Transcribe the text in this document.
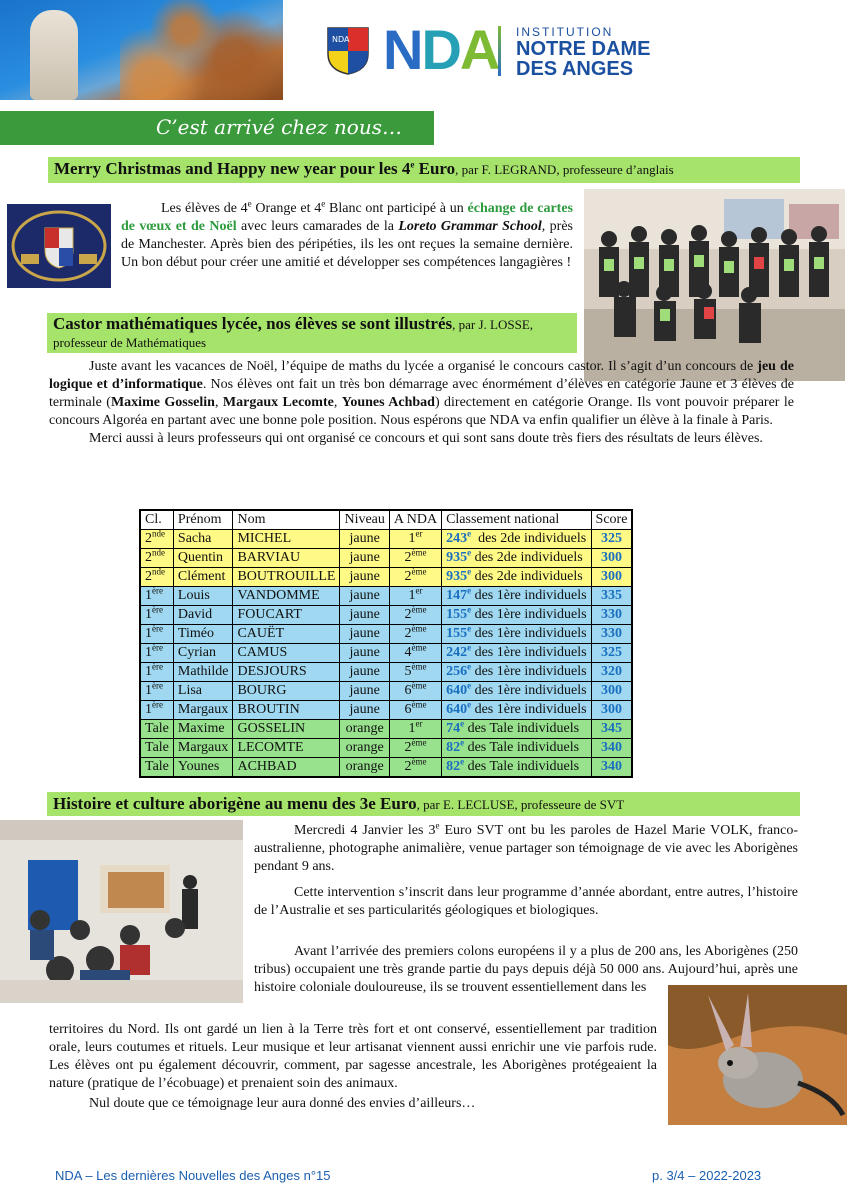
NDA NDA INSTITUTION
NOTRE DAME
DES ANGES
C’est arrivé chez nous…
Merry Christmas and Happy new year pour les 4e Euro, par F. LEGRAND, professeure d’anglais
Les élèves de 4e Orange et 4e Blanc ont participé à un échange de cartes de vœux et de Noël avec leurs camarades de la Loreto Grammar School, près de Manchester. Après bien des péripéties, ils les ont reçues la semaine dernière. Un bon début pour créer une amitié et développer ses compétences langagières !
Castor mathématiques lycée, nos élèves se sont illustrés, par J. LOSSE, professeur de Mathématiques
Juste avant les vacances de Noël, l’équipe de maths du lycée a organisé le concours castor. Il s’agit d’un concours de jeu de logique et d’informatique. Nos élèves ont fait un très bon démarrage avec énormément d’élèves en catégorie Jaune et 3 élèves de terminale (Maxime Gosselin, Margaux Lecomte, Younes Achbad) directement en catégorie Orange. Ils vont pouvoir préparer le concours Algoréa en partant avec une bonne pole position. Nous espérons que NDA va enfin qualifier un élève à la finale à Paris.
Merci aussi à leurs professeurs qui ont organisé ce concours et qui sont sans doute très fiers des résultats de leurs élèves.
Cl.	Prénom	Nom	Niveau	A NDA	Classement national	Score
2nde	Sacha	MICHEL	jaune	1er	243e  des 2de individuels	325
2nde	Quentin	BARVIAU	jaune	2ème	935e des 2de individuels	300
2nde	Clément	BOUTROUILLE	jaune	2ème	935e des 2de individuels	300
1ère	Louis	VANDOMME	jaune	1er	147e des 1ère individuels	335
1ère	David	FOUCART	jaune	2ème	155e des 1ère individuels	330
1ère	Timéo	CAUËT	jaune	2ème	155e des 1ère individuels	330
1ère	Cyrian	CAMUS	jaune	4ème	242e des 1ère individuels	325
1ère	Mathilde	DESJOURS	jaune	5ème	256e des 1ère individuels	320
1ère	Lisa	BOURG	jaune	6ème	640e des 1ère individuels	300
1ère	Margaux	BROUTIN	jaune	6ème	640e des 1ère individuels	300
Tale	Maxime	GOSSELIN	orange	1er	74e des Tale individuels	345
Tale	Margaux	LECOMTE	orange	2ème	82e des Tale individuels	340
Tale	Younes	ACHBAD	orange	2ème	82e des Tale individuels	340
Histoire et culture aborigène au menu des 3e Euro, par E. LECLUSE, professeure de SVT
Mercredi 4 Janvier les 3e Euro SVT ont bu les paroles de Hazel Marie VOLK, franco-australienne, photographe animalière, venue partager son témoignage de vie avec les Aborigènes pendant 9 ans.
Cette intervention s’inscrit dans leur programme d’année abordant, entre autres, l’histoire de l’Australie et ses particularités géologiques et biologiques.
Avant l’arrivée des premiers colons européens il y a plus de 200 ans, les Aborigènes (250 tribus) occupaient une très grande partie du pays depuis déjà 50 000 ans. Aujourd’hui, après une histoire coloniale douloureuse, ils se trouvent essentiellement dans les
territoires du Nord. Ils ont gardé un lien à la Terre très fort et ont conservé, essentiellement par tradition orale, leurs coutumes et rituels. Leur musique et leur artisanat viennent aussi enrichir une vie parfois rude. Les élèves ont pu également découvrir, comment, par sagesse ancestrale, les Aborigènes protégeaient la nature (pratique de l’écobuage) et prenaient soin des animaux.
Nul doute que ce témoignage leur aura donné des envies d’ailleurs…
NDA – Les dernières Nouvelles des Anges n°15	p. 3/4 – 2022-2023
